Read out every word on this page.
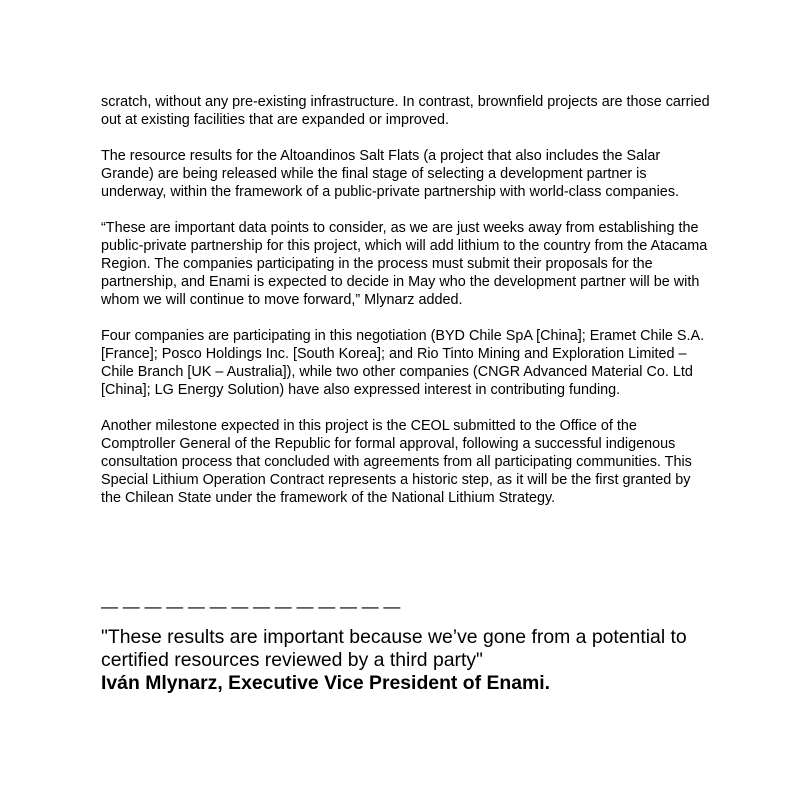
scratch, without any pre-existing infrastructure. In contrast, brownfield projects are those carried out at existing facilities that are expanded or improved.

The resource results for the Altoandinos Salt Flats (a project that also includes the Salar Grande) are being released while the final stage of selecting a development partner is underway, within the framework of a public-private partnership with world-class companies.

“These are important data points to consider, as we are just weeks away from establishing the public-private partnership for this project, which will add lithium to the country from the Atacama Region. The companies participating in the process must submit their proposals for the partnership, and Enami is expected to decide in May who the development partner will be with whom we will continue to move forward,” Mlynarz added.

Four companies are participating in this negotiation (BYD Chile SpA [China]; Eramet Chile S.A. [France]; Posco Holdings Inc. [South Korea]; and Rio Tinto Mining and Exploration Limited – Chile Branch [UK – Australia]), while two other companies (CNGR Advanced Material Co. Ltd [China]; LG Energy Solution) have also expressed interest in contributing funding.

Another milestone expected in this project is the CEOL submitted to the Office of the Comptroller General of the Republic for formal approval, following a successful indigenous consultation process that concluded with agreements from all participating communities. This Special Lithium Operation Contract represents a historic step, as it will be the first granted by the Chilean State under the framework of the National Lithium Strategy.

— — — — — — — — — — — — — —

"These results are important because we’ve gone from a potential to certified resources reviewed by a third party"

Iván Mlynarz, Executive Vice President of Enami.
